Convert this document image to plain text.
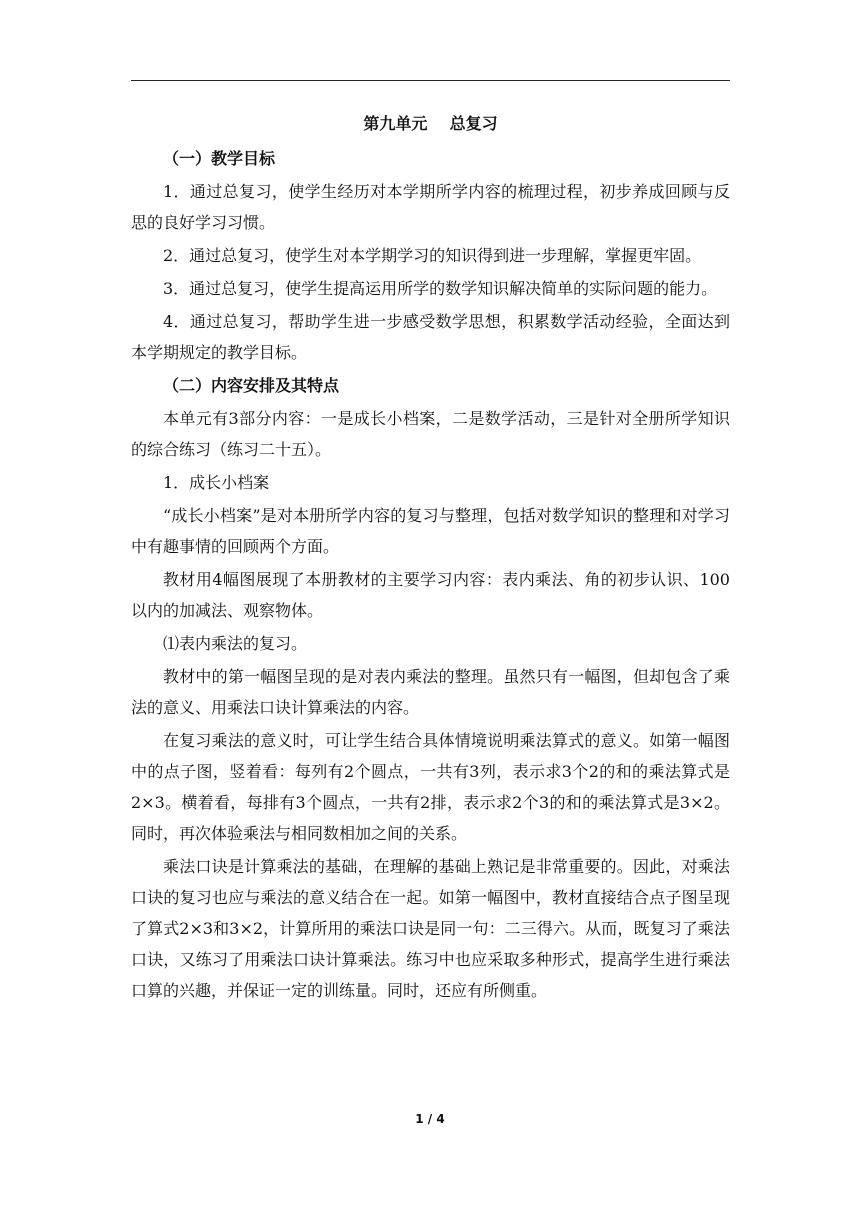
第九单元    总复习
（一）教学目标
1．通过总复习，使学生经历对本学期所学内容的梳理过程，初步养成回顾与反思的良好学习习惯。
2．通过总复习，使学生对本学期学习的知识得到进一步理解，掌握更牢固。
3．通过总复习，使学生提高运用所学的数学知识解决简单的实际问题的能力。
4．通过总复习，帮助学生进一步感受数学思想，积累数学活动经验，全面达到本学期规定的教学目标。
（二）内容安排及其特点
本单元有3部分内容：一是成长小档案，二是数学活动，三是针对全册所学知识的综合练习（练习二十五）。
1．成长小档案
“成长小档案”是对本册所学内容的复习与整理，包括对数学知识的整理和对学习中有趣事情的回顾两个方面。
教材用4幅图展现了本册教材的主要学习内容：表内乘法、角的初步认识、100以内的加减法、观察物体。
⑴表内乘法的复习。
教材中的第一幅图呈现的是对表内乘法的整理。虽然只有一幅图，但却包含了乘法的意义、用乘法口诀计算乘法的内容。
在复习乘法的意义时，可让学生结合具体情境说明乘法算式的意义。如第一幅图中的点子图，竖着看：每列有2个圆点，一共有3列，表示求3个2的和的乘法算式是2×3。横着看，每排有3个圆点，一共有2排，表示求2个3的和的乘法算式是3×2。同时，再次体验乘法与相同数相加之间的关系。
乘法口诀是计算乘法的基础，在理解的基础上熟记是非常重要的。因此，对乘法口诀的复习也应与乘法的意义结合在一起。如第一幅图中，教材直接结合点子图呈现了算式2×3和3×2，计算所用的乘法口诀是同一句：二三得六。从而，既复习了乘法口诀，又练习了用乘法口诀计算乘法。练习中也应采取多种形式，提高学生进行乘法口算的兴趣，并保证一定的训练量。同时，还应有所侧重。
1 / 4
